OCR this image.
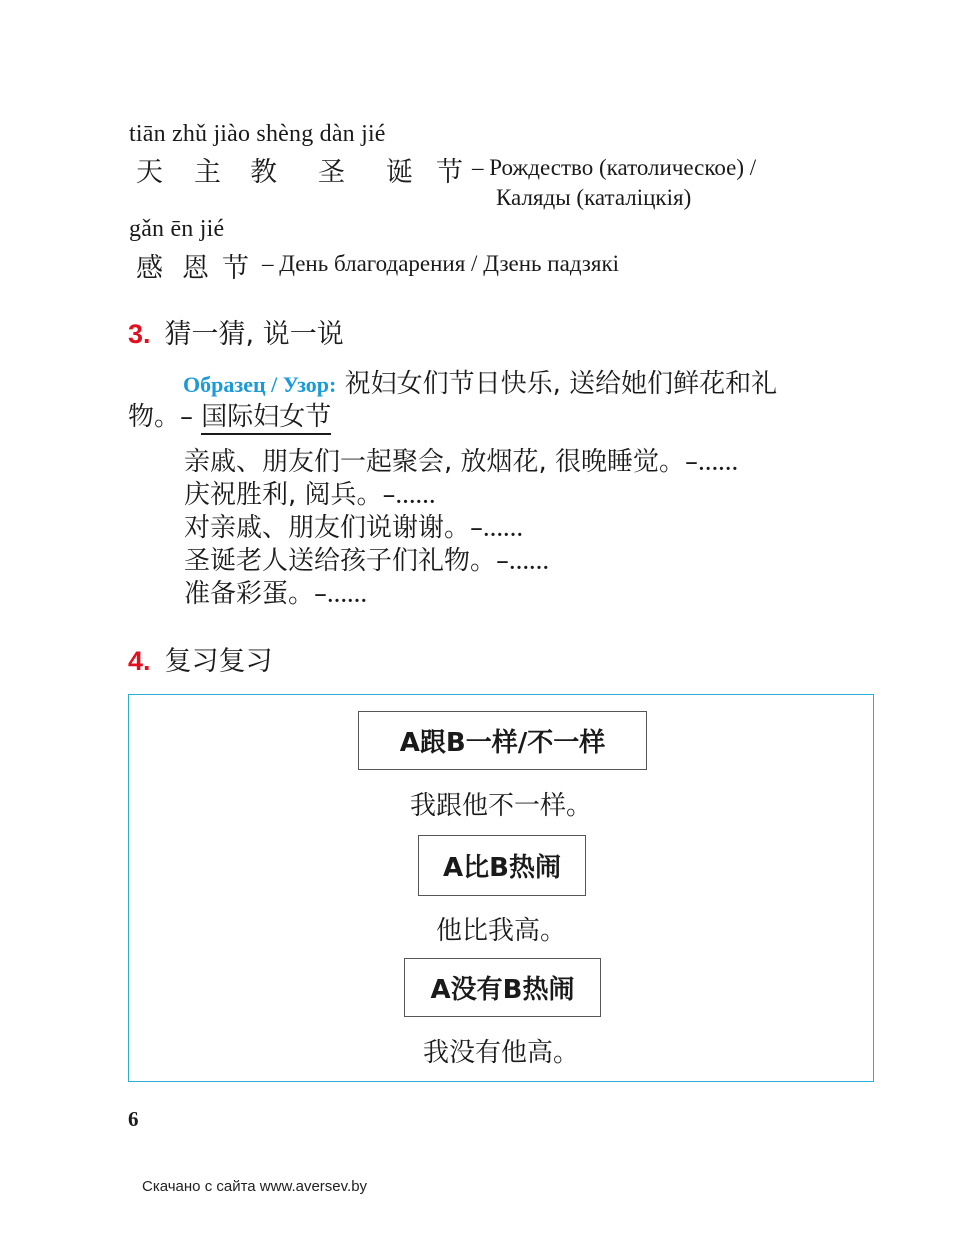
tiān zhǔ jiào shèng dàn jié
天 主 教 圣 诞 节 – Рождество (католическое) /
Каляды (каталіцкія)
gǎn ēn jié
感 恩 节 – День благодарения / Дзень падзякі
3. 猜一猜, 说一说
Образец / Узор: 祝妇女们节日快乐, 送给她们鲜花和礼
物。– 国际妇女节
亲戚、朋友们一起聚会, 放烟花, 很晚睡觉。–……
庆祝胜利, 阅兵。–……
对亲戚、朋友们说谢谢。–……
圣诞老人送给孩子们礼物。–……
准备彩蛋。–……
4. 复习复习
A跟B一样/不一样
我跟他不一样。
A比B热闹
他比我高。
A没有B热闹
我没有他高。
6
Скачано с сайта www.aversev.by
